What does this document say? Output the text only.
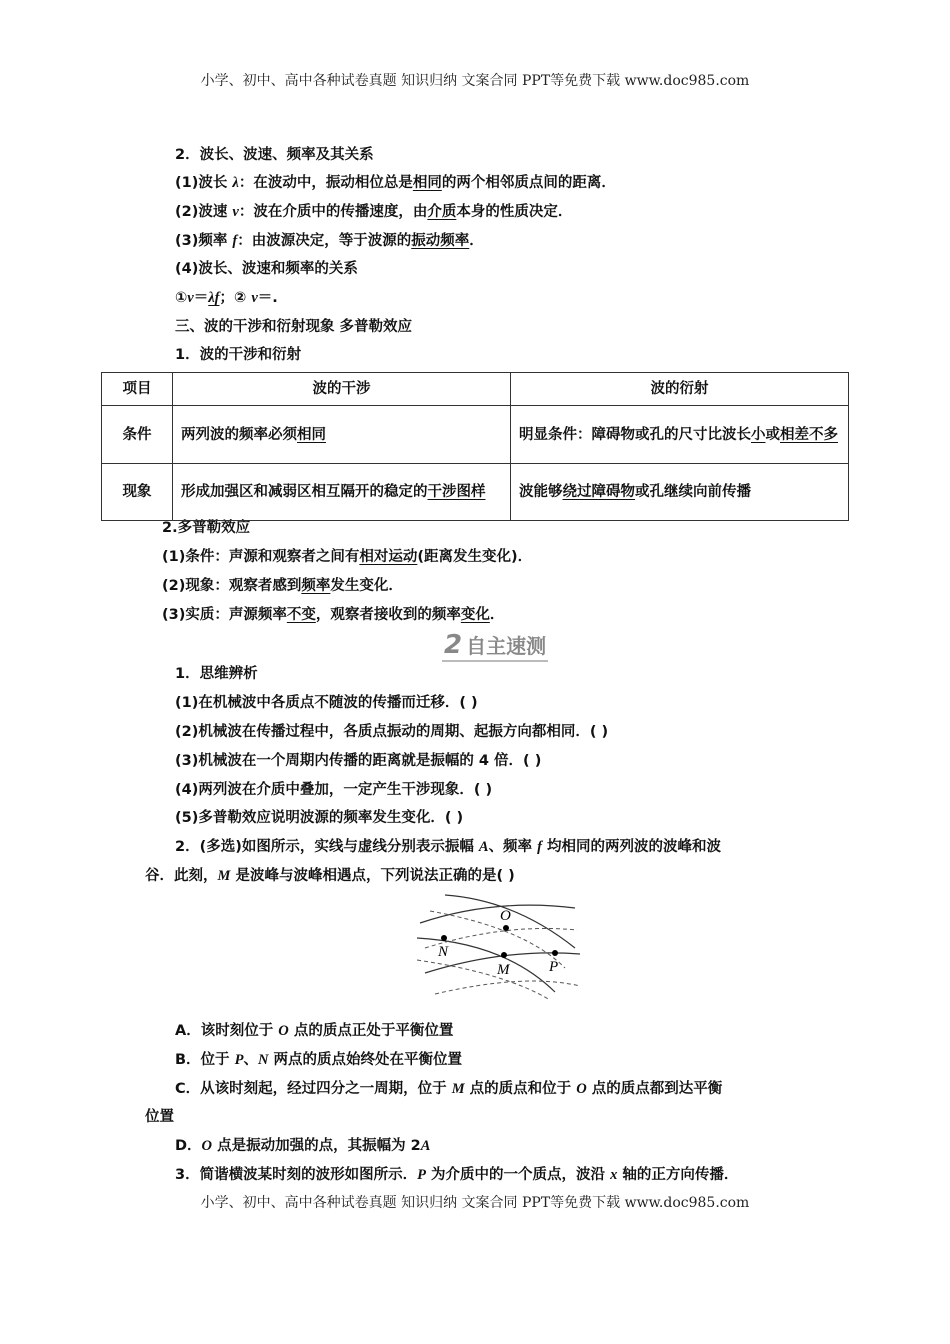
小学、初中、高中各种试卷真题 知识归纳 文案合同 PPT等免费下载 www.doc985.com
2．波长、波速、频率及其关系
(1)波长 λ：在波动中，振动相位总是相同的两个相邻质点间的距离．
(2)波速 v：波在介质中的传播速度，由介质本身的性质决定．
(3)频率 f：由波源决定，等于波源的振动频率．
(4)波长、波速和频率的关系
①v＝λf；② v＝.
三、波的干涉和衍射现象 多普勒效应
1．波的干涉和衍射
2.多普勒效应
(1)条件：声源和观察者之间有相对运动(距离发生变化)．
(2)现象：观察者感到频率发生变化．
(3)实质：声源频率不变，观察者接收到的频率变化．
1．思维辨析
(1)在机械波中各质点不随波的传播而迁移．( )
(2)机械波在传播过程中，各质点振动的周期、起振方向都相同．( )
(3)机械波在一个周期内传播的距离就是振幅的 4 倍．( )
(4)两列波在介质中叠加，一定产生干涉现象．( )
(5)多普勒效应说明波源的频率发生变化．( )
2．(多选)如图所示，实线与虚线分别表示振幅 A、频率 f 均相同的两列波的波峰和波
谷．此刻，M 是波峰与波峰相遇点，下列说法正确的是( )
A．该时刻位于 O 点的质点正处于平衡位置
B．位于 P、N 两点的质点始终处在平衡位置
C．从该时刻起，经过四分之一周期，位于 M 点的质点和位于 O 点的质点都到达平衡
位置
D．O 点是振动加强的点，其振幅为 2A
3．简谐横波某时刻的波形如图所示．P 为介质中的一个质点，波沿 x 轴的正方向传播．
项目	波的干涉	波的衍射
条件	两列波的频率必须相同	明显条件：障碍物或孔的尺寸比波长小或相差不多
现象	形成加强区和减弱区相互隔开的稳定的干涉图样	波能够绕过障碍物或孔继续向前传播
2 自主速测
O
N
M	P
小学、初中、高中各种试卷真题 知识归纳 文案合同 PPT等免费下载 www.doc985.com
